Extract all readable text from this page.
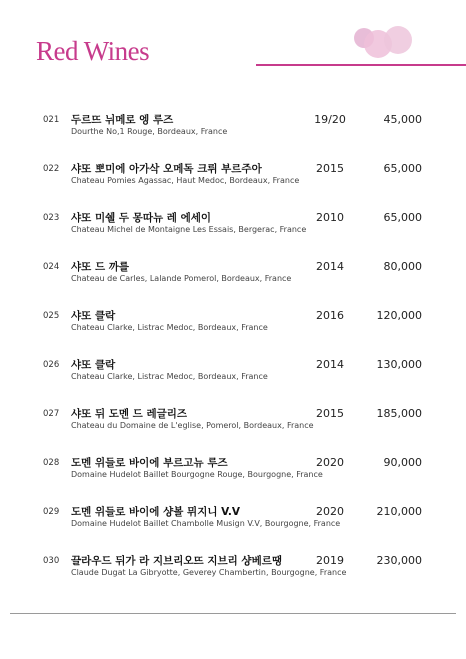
Red Wines
021 두르뜨 뉘메로 엥 루즈
Dourthe No,1 Rouge, Bordeaux, France
19/20	45,000
022 샤또 뽀미에 아가삭 오메독 크뤼 부르주아
Chateau Pomies Agassac, Haut Medoc, Bordeaux, France
2015	65,000
023 샤또 미쉘 두 몽따뉴 레 에세이
Chateau Michel de Montaigne Les Essais, Bergerac, France
2010	65,000
024 샤또 드 까를
Chateau de Carles, Lalande Pomerol, Bordeaux, France
2014	80,000
025 샤또 클락
Chateau Clarke, Listrac Medoc, Bordeaux, France
2016	120,000
026 샤또 클락
Chateau Clarke, Listrac Medoc, Bordeaux, France
2014	130,000
027 샤또 뒤 도멘 드 레글리즈
Chateau du Domaine de L'eglise, Pomerol, Bordeaux, France
2015	185,000
028 도멘 위들로 바이에 부르고뉴 루즈
Domaine Hudelot Baillet Bourgogne Rouge, Bourgogne, France
2020	90,000
029 도멘 위들로 바이에 샹볼 뮈지니 V.V
Domaine Hudelot Baillet Chambolle Musign V.V, Bourgogne, France
2020	210,000
030 끌라우드 뒤가 라 지브리오뜨 지브리 샹베르땡
Claude Dugat La Gibryotte, Geverey Chambertin, Bourgogne, France
2019	230,000
